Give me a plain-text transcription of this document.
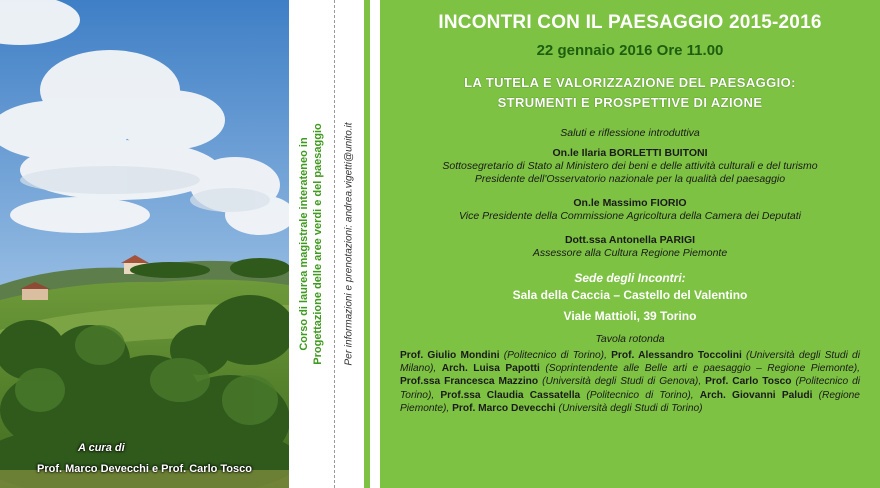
A cura di
Prof. Marco Devecchi e Prof. Carlo Tosco
Corso di laurea magistrale interateneo in Progettazione delle aree verdi e del paesaggio Per informazioni e prenotazioni: andrea.vigetti@unito.it
INCONTRI CON IL PAESAGGIO 2015-2016
22 gennaio 2016 Ore 11.00
LA TUTELA E VALORIZZAZIONE DEL PAESAGGIO:
STRUMENTI E PROSPETTIVE DI AZIONE
Saluti e riflessione introduttiva
On.le Ilaria BORLETTI BUITONI
Sottosegretario di Stato al Ministero dei beni e delle attività culturali e del turismo
Presidente dell'Osservatorio nazionale per la qualità del paesaggio
On.le Massimo FIORIO
Vice Presidente della Commissione Agricoltura della Camera dei Deputati
Dott.ssa Antonella PARIGI
Assessore alla Cultura Regione Piemonte
Sede degli Incontri:
Sala della Caccia – Castello del Valentino
Viale Mattioli, 39 Torino
Tavola rotonda
Prof. Giulio Mondini (Politecnico di Torino), Prof. Alessandro Toccolini (Università degli Studi di Milano), Arch. Luisa Papotti (Soprintendente alle Belle arti e paesaggio – Regione Piemonte), Prof.ssa Francesca Mazzino (Università degli Studi di Genova), Prof. Carlo Tosco (Politecnico di Torino), Prof.ssa Claudia Cassatella (Politecnico di Torino), Arch. Giovanni Paludi (Regione Piemonte), Prof. Marco Devecchi (Università degli Studi di Torino)
